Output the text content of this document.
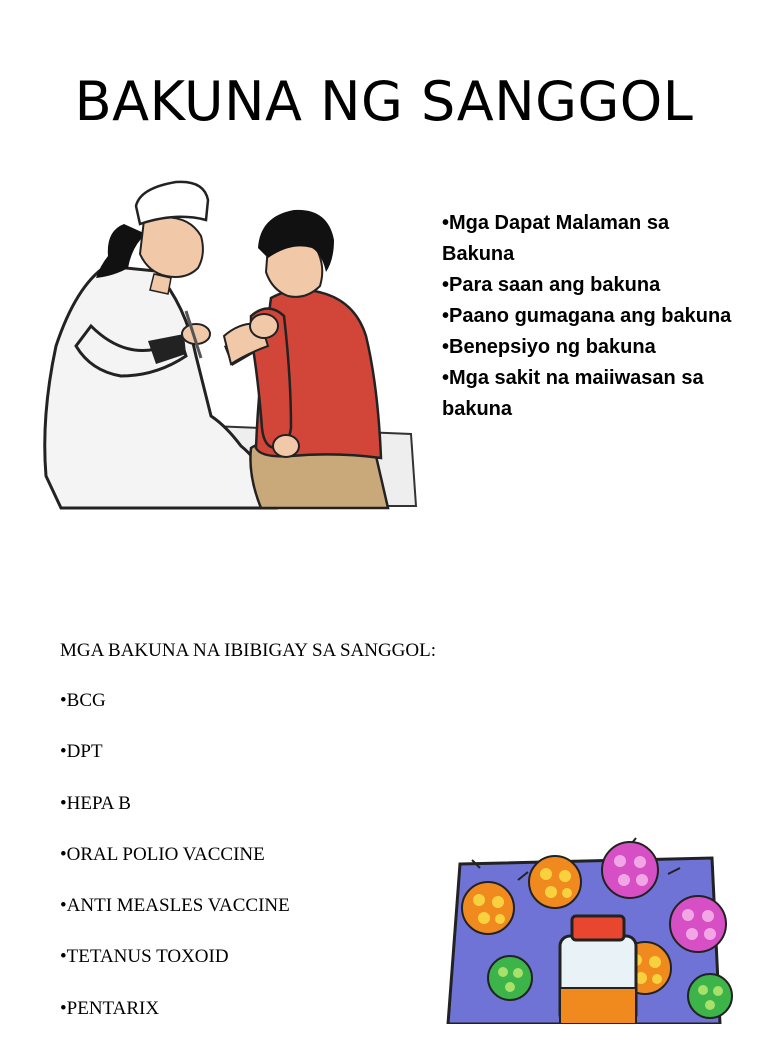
BAKUNA NG SANGGOL
•Mga Dapat Malaman sa Bakuna
•Para saan ang bakuna
•Paano gumagana ang bakuna
•Benepsiyo ng bakuna
•Mga sakit na maiiwasan sa bakuna

MGA BAKUNA NA IBIBIGAY SA SANGGOL:

•BCG
•DPT
•HEPA B
•ORAL POLIO VACCINE
•ANTI MEASLES VACCINE
•TETANUS TOXOID
•PENTARIX
